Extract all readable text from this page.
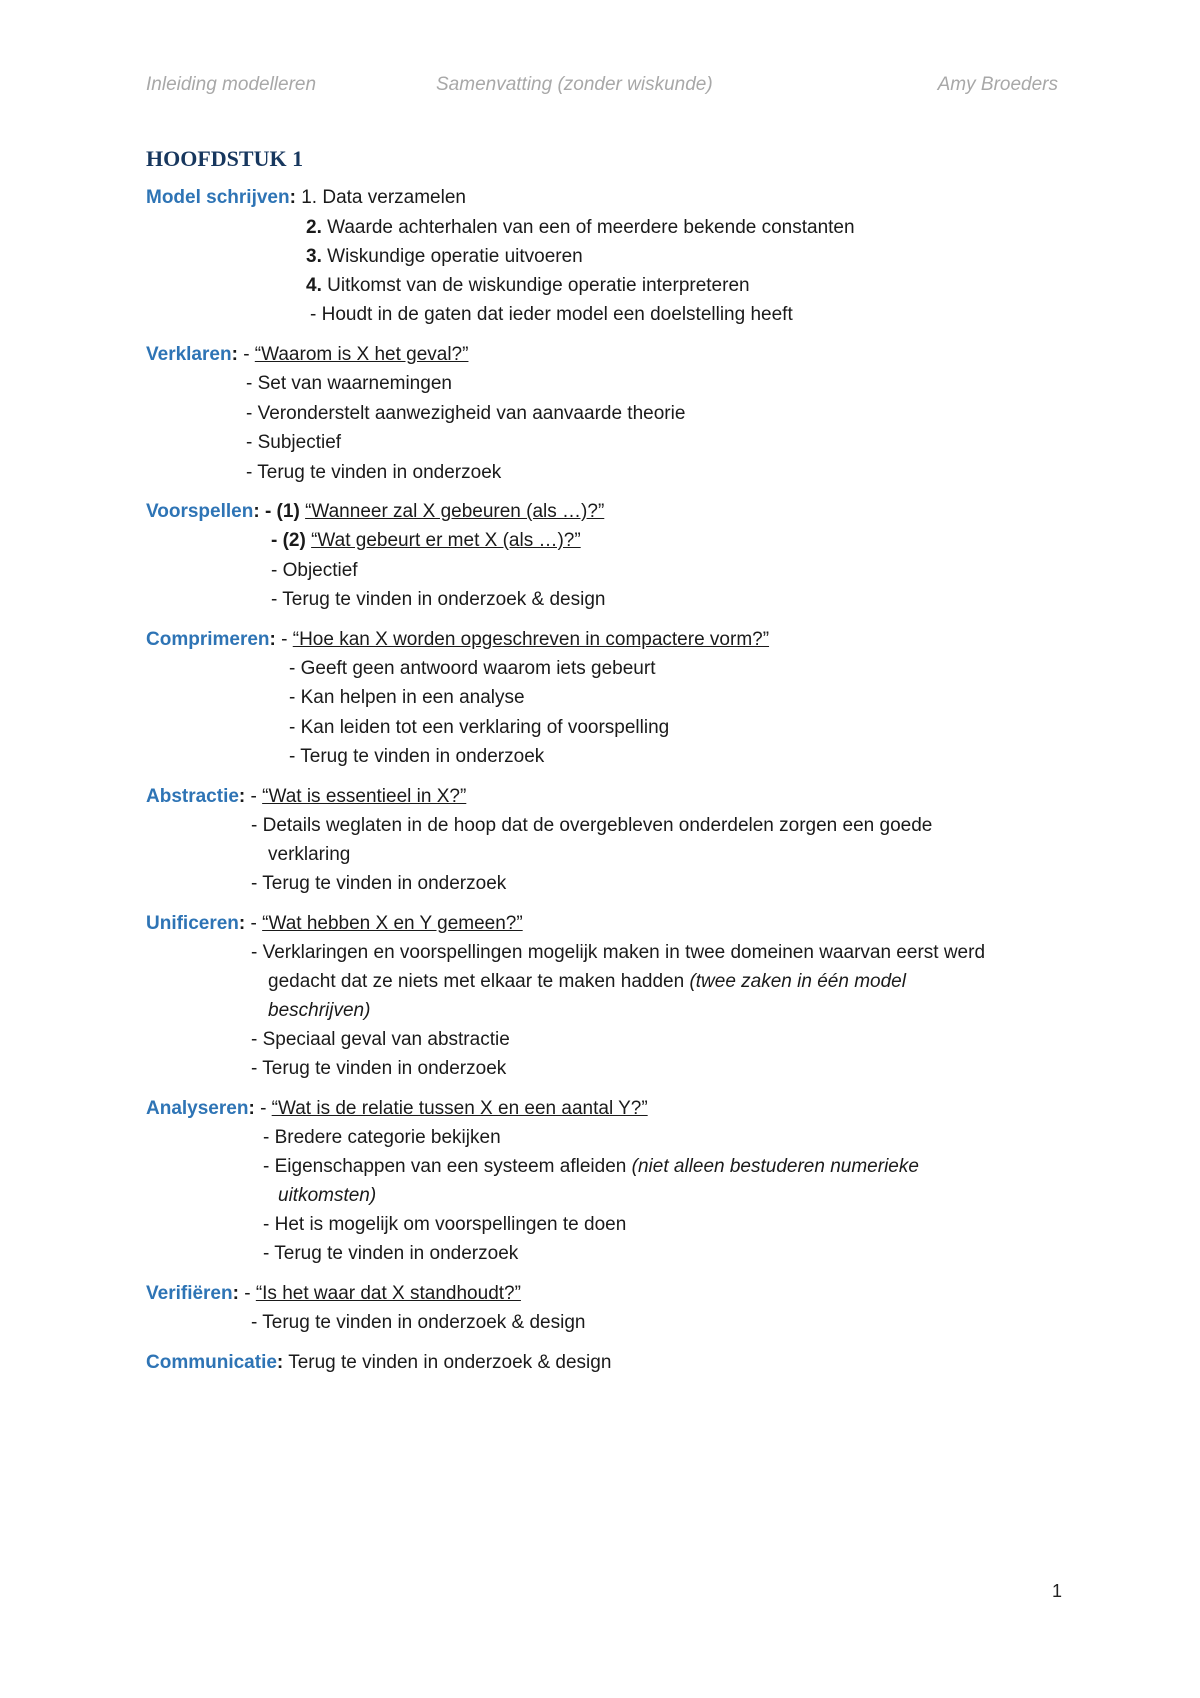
Inleiding modelleren	Samenvatting (zonder wiskunde)	Amy Broeders
HOOFDSTUK 1
Model schrijven: 1. Data verzamelen
2. Waarde achterhalen van een of meerdere bekende constanten
3. Wiskundige operatie uitvoeren
4. Uitkomst van de wiskundige operatie interpreteren
- Houdt in de gaten dat ieder model een doelstelling heeft
Verklaren: - “Waarom is X het geval?”
- Set van waarnemingen
- Veronderstelt aanwezigheid van aanvaarde theorie
- Subjectief
- Terug te vinden in onderzoek
Voorspellen: - (1) “Wanneer zal X gebeuren (als …)?”
- (2) “Wat gebeurt er met X (als …)?”
- Objectief
- Terug te vinden in onderzoek & design
Comprimeren: - “Hoe kan X worden opgeschreven in compactere vorm?”
- Geeft geen antwoord waarom iets gebeurt
- Kan helpen in een analyse
- Kan leiden tot een verklaring of voorspelling
- Terug te vinden in onderzoek
Abstractie: - “Wat is essentieel in X?”
- Details weglaten in de hoop dat de overgebleven onderdelen zorgen een goede
verklaring
- Terug te vinden in onderzoek
Unificeren: - “Wat hebben X en Y gemeen?”
- Verklaringen en voorspellingen mogelijk maken in twee domeinen waarvan eerst werd
gedacht dat ze niets met elkaar te maken hadden (twee zaken in één model
beschrijven)
- Speciaal geval van abstractie
- Terug te vinden in onderzoek
Analyseren: - “Wat is de relatie tussen X en een aantal Y?”
- Bredere categorie bekijken
- Eigenschappen van een systeem afleiden (niet alleen bestuderen numerieke
uitkomsten)
- Het is mogelijk om voorspellingen te doen
- Terug te vinden in onderzoek
Verifiëren: - “Is het waar dat X standhoudt?”
- Terug te vinden in onderzoek & design
Communicatie: Terug te vinden in onderzoek & design
1
